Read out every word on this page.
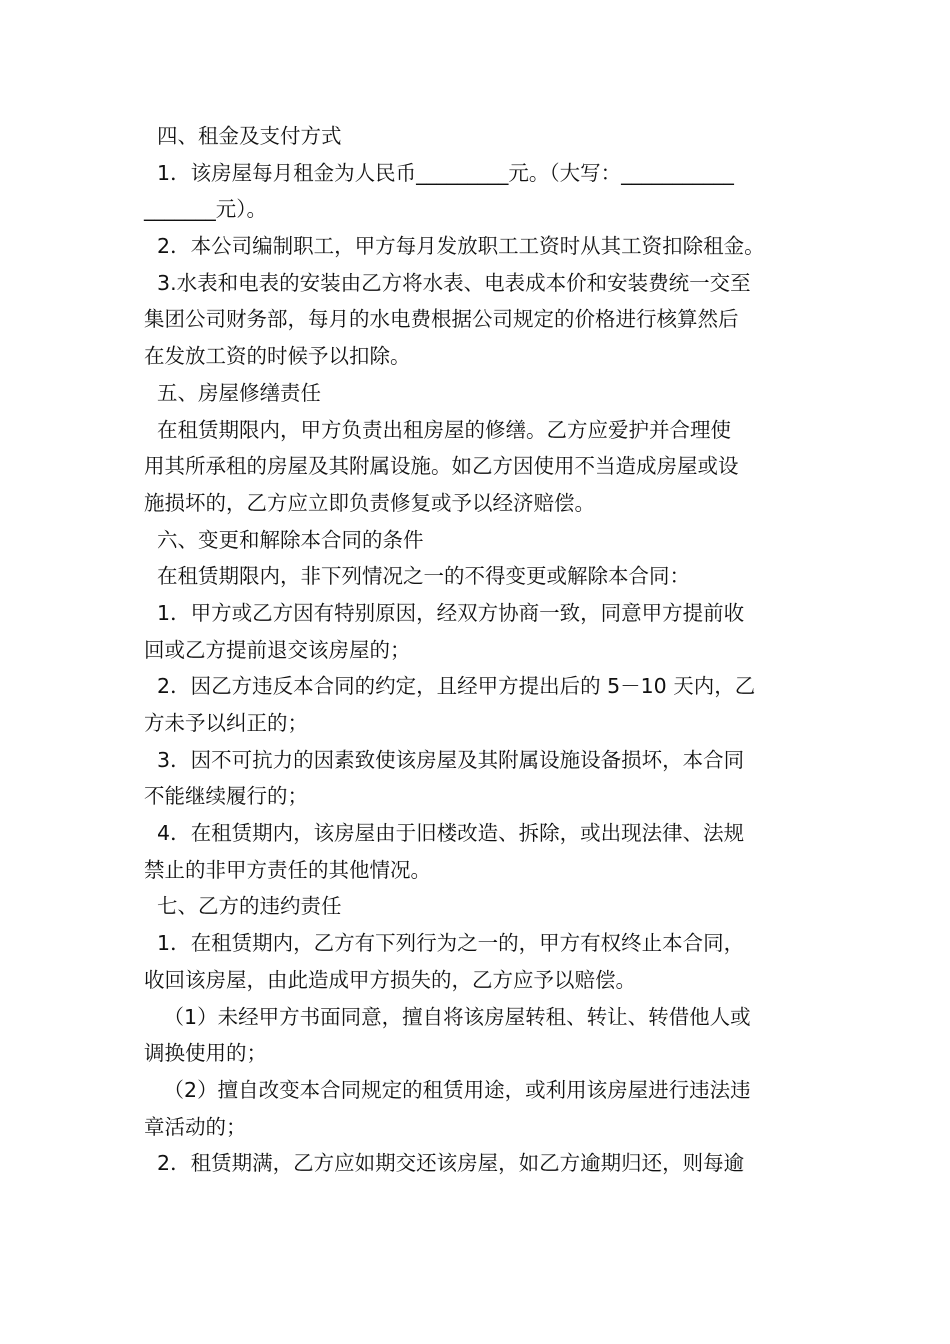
四、租金及支付方式
1．该房屋每月租金为人民币_________元。（大写：___________
_______元）。
2．本公司编制职工，甲方每月发放职工工资时从其工资扣除租金。
3.水表和电表的安装由乙方将水表、电表成本价和安装费统一交至
集团公司财务部，每月的水电费根据公司规定的价格进行核算然后
在发放工资的时候予以扣除。
五、房屋修缮责任
在租赁期限内，甲方负责出租房屋的修缮。乙方应爱护并合理使
用其所承租的房屋及其附属设施。如乙方因使用不当造成房屋或设
施损坏的，乙方应立即负责修复或予以经济赔偿。
六、变更和解除本合同的条件
在租赁期限内，非下列情况之一的不得变更或解除本合同：
1．甲方或乙方因有特别原因，经双方协商一致，同意甲方提前收
回或乙方提前退交该房屋的；
2．因乙方违反本合同的约定，且经甲方提出后的 5－10 天内，乙
方未予以纠正的；
3．因不可抗力的因素致使该房屋及其附属设施设备损坏，本合同
不能继续履行的；
4．在租赁期内，该房屋由于旧楼改造、拆除，或出现法律、法规
禁止的非甲方责任的其他情况。
七、乙方的违约责任
1．在租赁期内，乙方有下列行为之一的，甲方有权终止本合同，
收回该房屋，由此造成甲方损失的，乙方应予以赔偿。
（1）未经甲方书面同意，擅自将该房屋转租、转让、转借他人或
调换使用的；
（2）擅自改变本合同规定的租赁用途，或利用该房屋进行违法违
章活动的；
2．租赁期满，乙方应如期交还该房屋，如乙方逾期归还，则每逾
